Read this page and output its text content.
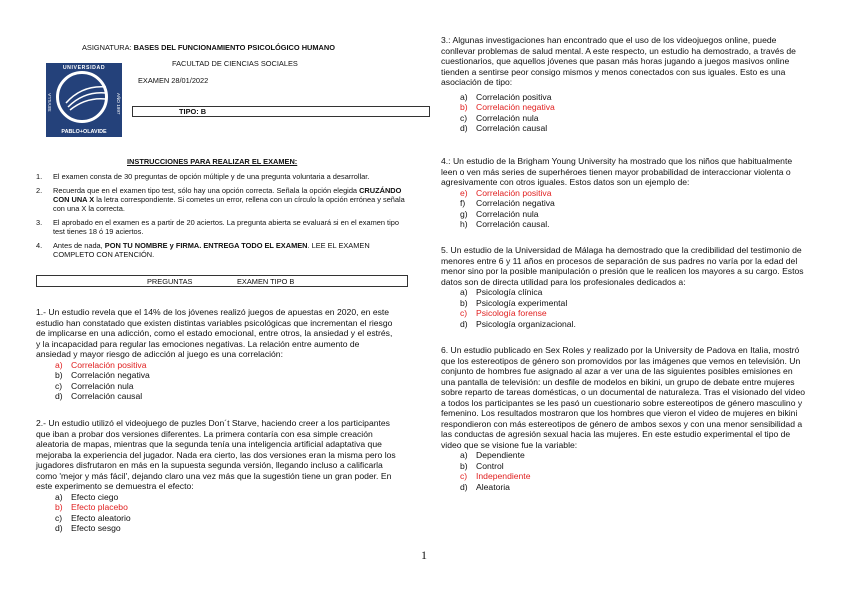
ASIGNATURA: BASES DEL FUNCIONAMIENTO PSICOLÓGICO HUMANO
FACULTAD DE CIENCIAS SOCIALES
EXAMEN 28/01/2022
UNIVERSIDAD
SEVILLA	AÑO 1997
PABLO+OLAVIDE
TIPO: B
INSTRUCCIONES PARA REALIZAR EL EXAMEN:
1.	El examen consta de 30 preguntas de opción múltiple y de una pregunta voluntaria a desarrollar.
2.	Recuerda que en el examen tipo test, sólo hay una opción correcta. Señala la opción elegida CRUZÁNDO CON UNA X la letra correspondiente. Si cometes un error, rellena con un círculo la opción errónea y señala con una X la correcta.
3.	El aprobado en el examen es a partir de 20 aciertos. La pregunta abierta se evaluará si en el examen tipo test tienes 18 ó 19 aciertos.
4.	Antes de nada, PON TU NOMBRE y FIRMA. ENTREGA TODO EL EXAMEN. LEE EL EXAMEN COMPLETO CON ATENCIÓN.
PREGUNTAS	EXAMEN TIPO B
1.- Un estudio revela que el 14% de los jóvenes realizó juegos de apuestas en 2020, en este estudio han constatado que existen distintas variables psicológicas que incrementan el riesgo de implicarse en una adicción, como el estado emocional, entre otros, la ansiedad y el estrés, y la incapacidad para regular las emociones negativas. La relación entre aumento de ansiedad y mayor riesgo de adicción al juego es una correlación:
a) Correlación positiva
b) Correlación negativa
c)	Correlación nula
d) Correlación causal
2.- Un estudio utilizó el videojuego de puzles Don´t Starve, haciendo creer a los participantes que iban a probar dos versiones diferentes. La primera contaría con esa simple creación aleatoria de mapas, mientras que la segunda tenía una inteligencia artificial adaptativa que mejoraba la experiencia del jugador. Nada era cierto, las dos versiones eran la misma pero los jugadores disfrutaron en más en la supuesta segunda versión, llegando incluso a calificarla como 'mejor y más fácil', dejando claro una vez más que la sugestión tiene un gran poder. En este experimento se demuestra el efecto:
a) Efecto ciego
b) Efecto placebo
c)	Efecto aleatorio
d) Efecto sesgo
3.: Algunas investigaciones han encontrado que el uso de los videojuegos online, puede conllevar problemas de salud mental. A este respecto, un estudio ha demostrado, a través de cuestionarios, que aquellos jóvenes que pasan más horas jugando a juegos masivos online tienden a sentirse peor consigo mismos y menos conectados con sus iguales. Esto es una asociación de tipo:
a) Correlación positiva
b) Correlación negativa
c)	Correlación nula
d) Correlación causal
4.: Un estudio de la Brigham Young University ha mostrado que los niños que habitualmente leen o ven más series de superhéroes tienen mayor probabilidad de interaccionar violenta o agresivamente con otros iguales. Estos datos son un ejemplo de:
e) Correlación positiva
f)	Correlación negativa
g) Correlación nula
h) Correlación causal.
5. Un estudio de la Universidad de Málaga ha demostrado que la credibilidad del testimonio de menores entre 6 y 11 años en procesos de separación de sus padres no varía por la edad del menor sino por la posible manipulación o presión que le realicen los mayores a su cargo. Estos datos son de directa utilidad para los profesionales dedicados a:
a) Psicología clínica
b) Psicología experimental
c)	Psicología forense
d) Psicología organizacional.
6. Un estudio publicado en Sex Roles y realizado por la University de Padova en Italia, mostró que los estereotipos de género son promovidos por las imágenes que vemos en televisión. Un conjunto de hombres fue asignado al azar a ver una de las siguientes posibles emisiones en una pantalla de televisión: un desfile de modelos en bikini, un grupo de debate entre mujeres sobre reparto de tareas domésticas, o un documental de naturaleza. Tras el visionado del video a todos los participantes se les pasó un cuestionario sobre estereotipos de género masculino y femenino. Los resultados mostraron que los hombres que vieron el video de mujeres en bikini respondieron con más estereotipos de género de ambos sexos y con una menor sensibilidad a las conductas de agresión sexual hacia las mujeres. En este estudio experimental el tipo de video que se visione fue la variable:
a) Dependiente
b) Control
c)	Independiente
d) Aleatoria
1
